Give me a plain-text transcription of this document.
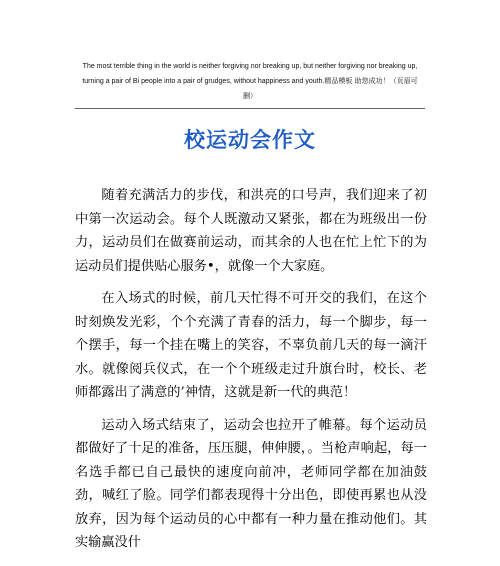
The most terrible thing in the world is neither forgiving nor breaking up, but neither forgiving nor breaking up,
turning a pair of Bi people into a pair of grudges, without happiness and youth.精品模板 助您成功！（页眉可
删）
校运动会作文

随着充满活力的步伐，和洪亮的口号声，我们迎来了初中第一次运动会。每个人既激动又紧张，都在为班级出一份力，运动员们在做赛前运动，而其余的人也在忙上忙下的为运动员们提供贴心服务•，就像一个大家庭。

在入场式的时候，前几天忙得不可开交的我们，在这个时刻焕发光彩，个个充满了青春的活力，每一个脚步，每一个摆手，每一个挂在嘴上的笑容，不辜负前几天的每一滴汗水。就像阅兵仪式，在一个个班级走过升旗台时，校长、老师都露出了满意的’神情，这就是新一代的典范！

运动入场式结束了，运动会也拉开了帷幕。每个运动员都做好了十足的准备，压压腿，伸伸腰，。当枪声响起，每一名选手都已自己最快的速度向前冲，老师同学都在加油鼓劲，喊红了脸。同学们都表现得十分出色，即使再累也从没放弃，因为每个运动员的心中都有一种力量在推动他们。其实输赢没什
